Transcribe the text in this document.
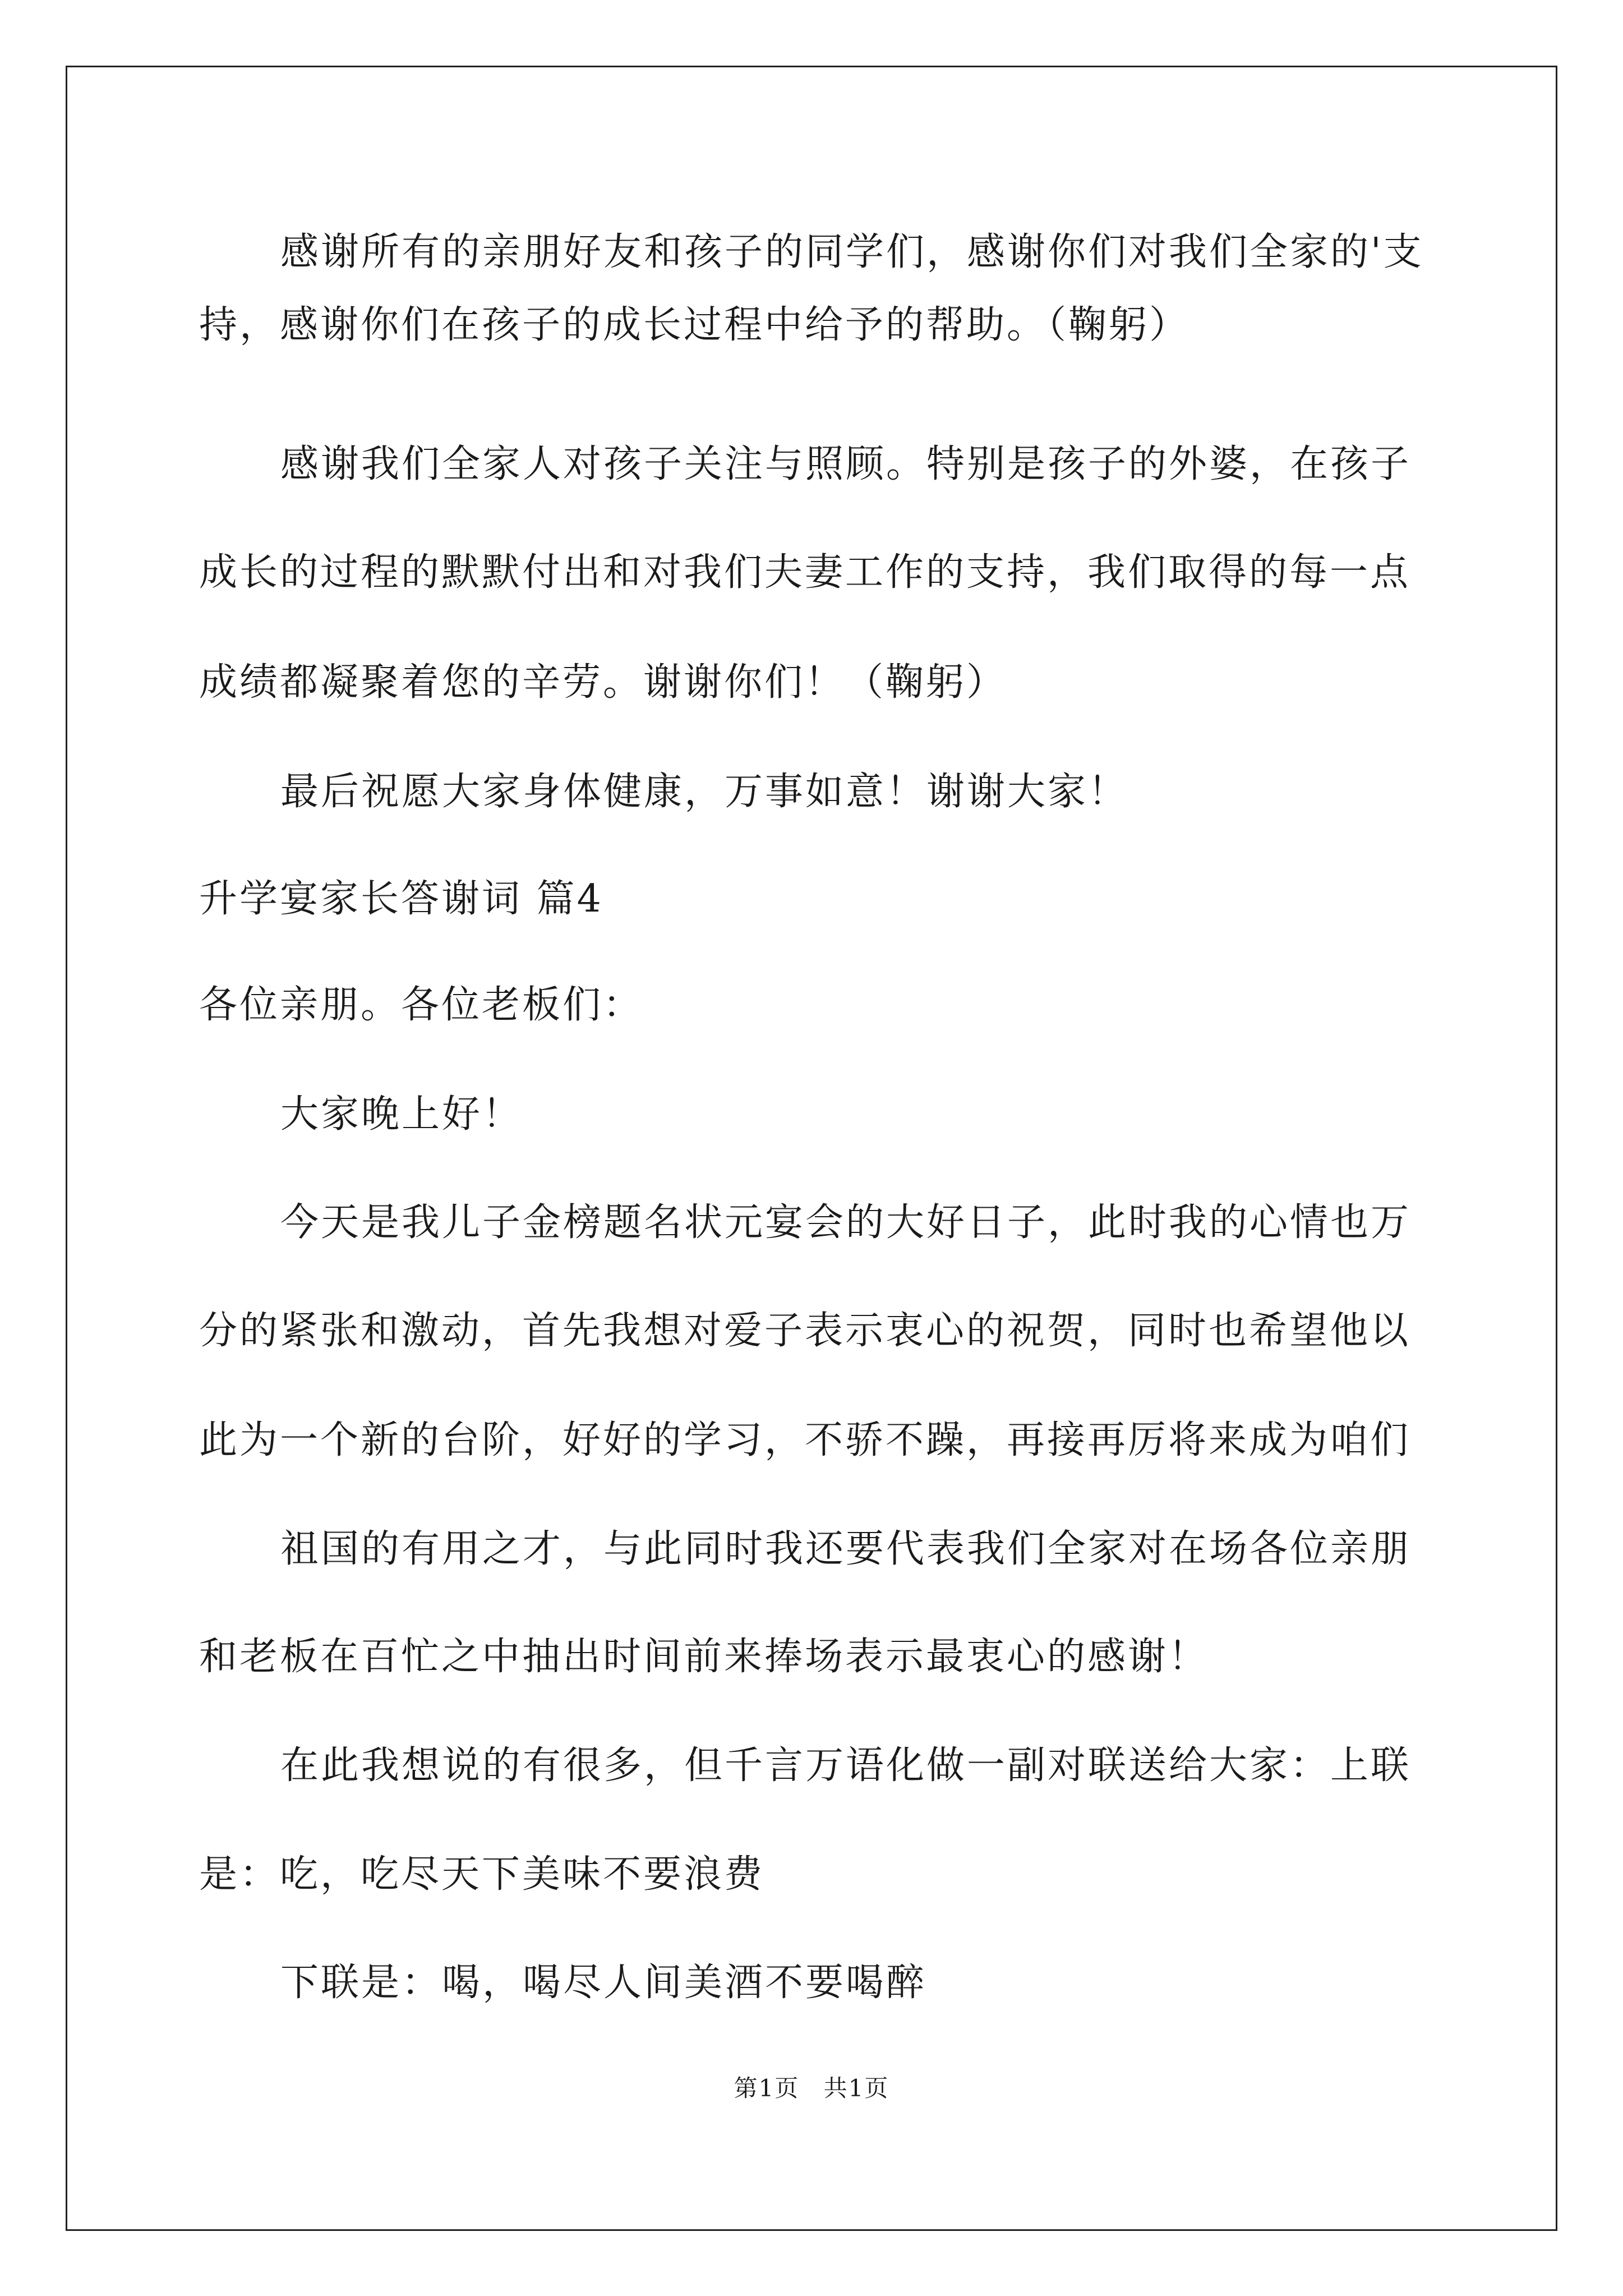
感谢所有的亲朋好友和孩子的同学们，感谢你们对我们全家的'支
持，感谢你们在孩子的成长过程中给予的帮助。（鞠躬）
感谢我们全家人对孩子关注与照顾。特别是孩子的外婆，在孩子
成长的过程的默默付出和对我们夫妻工作的支持，我们取得的每一点
成绩都凝聚着您的辛劳。谢谢你们！（鞠躬）
最后祝愿大家身体健康，万事如意！谢谢大家！
升学宴家长答谢词 篇4
各位亲朋。各位老板们：
大家晚上好！
今天是我儿子金榜题名状元宴会的大好日子，此时我的心情也万
分的紧张和激动，首先我想对爱子表示衷心的祝贺，同时也希望他以
此为一个新的台阶，好好的学习，不骄不躁，再接再厉将来成为咱们
祖国的有用之才，与此同时我还要代表我们全家对在场各位亲朋
和老板在百忙之中抽出时间前来捧场表示最衷心的感谢！
在此我想说的有很多，但千言万语化做一副对联送给大家：上联
是：吃，吃尽天下美味不要浪费
下联是：喝，喝尽人间美酒不要喝醉
第1页 共1页
